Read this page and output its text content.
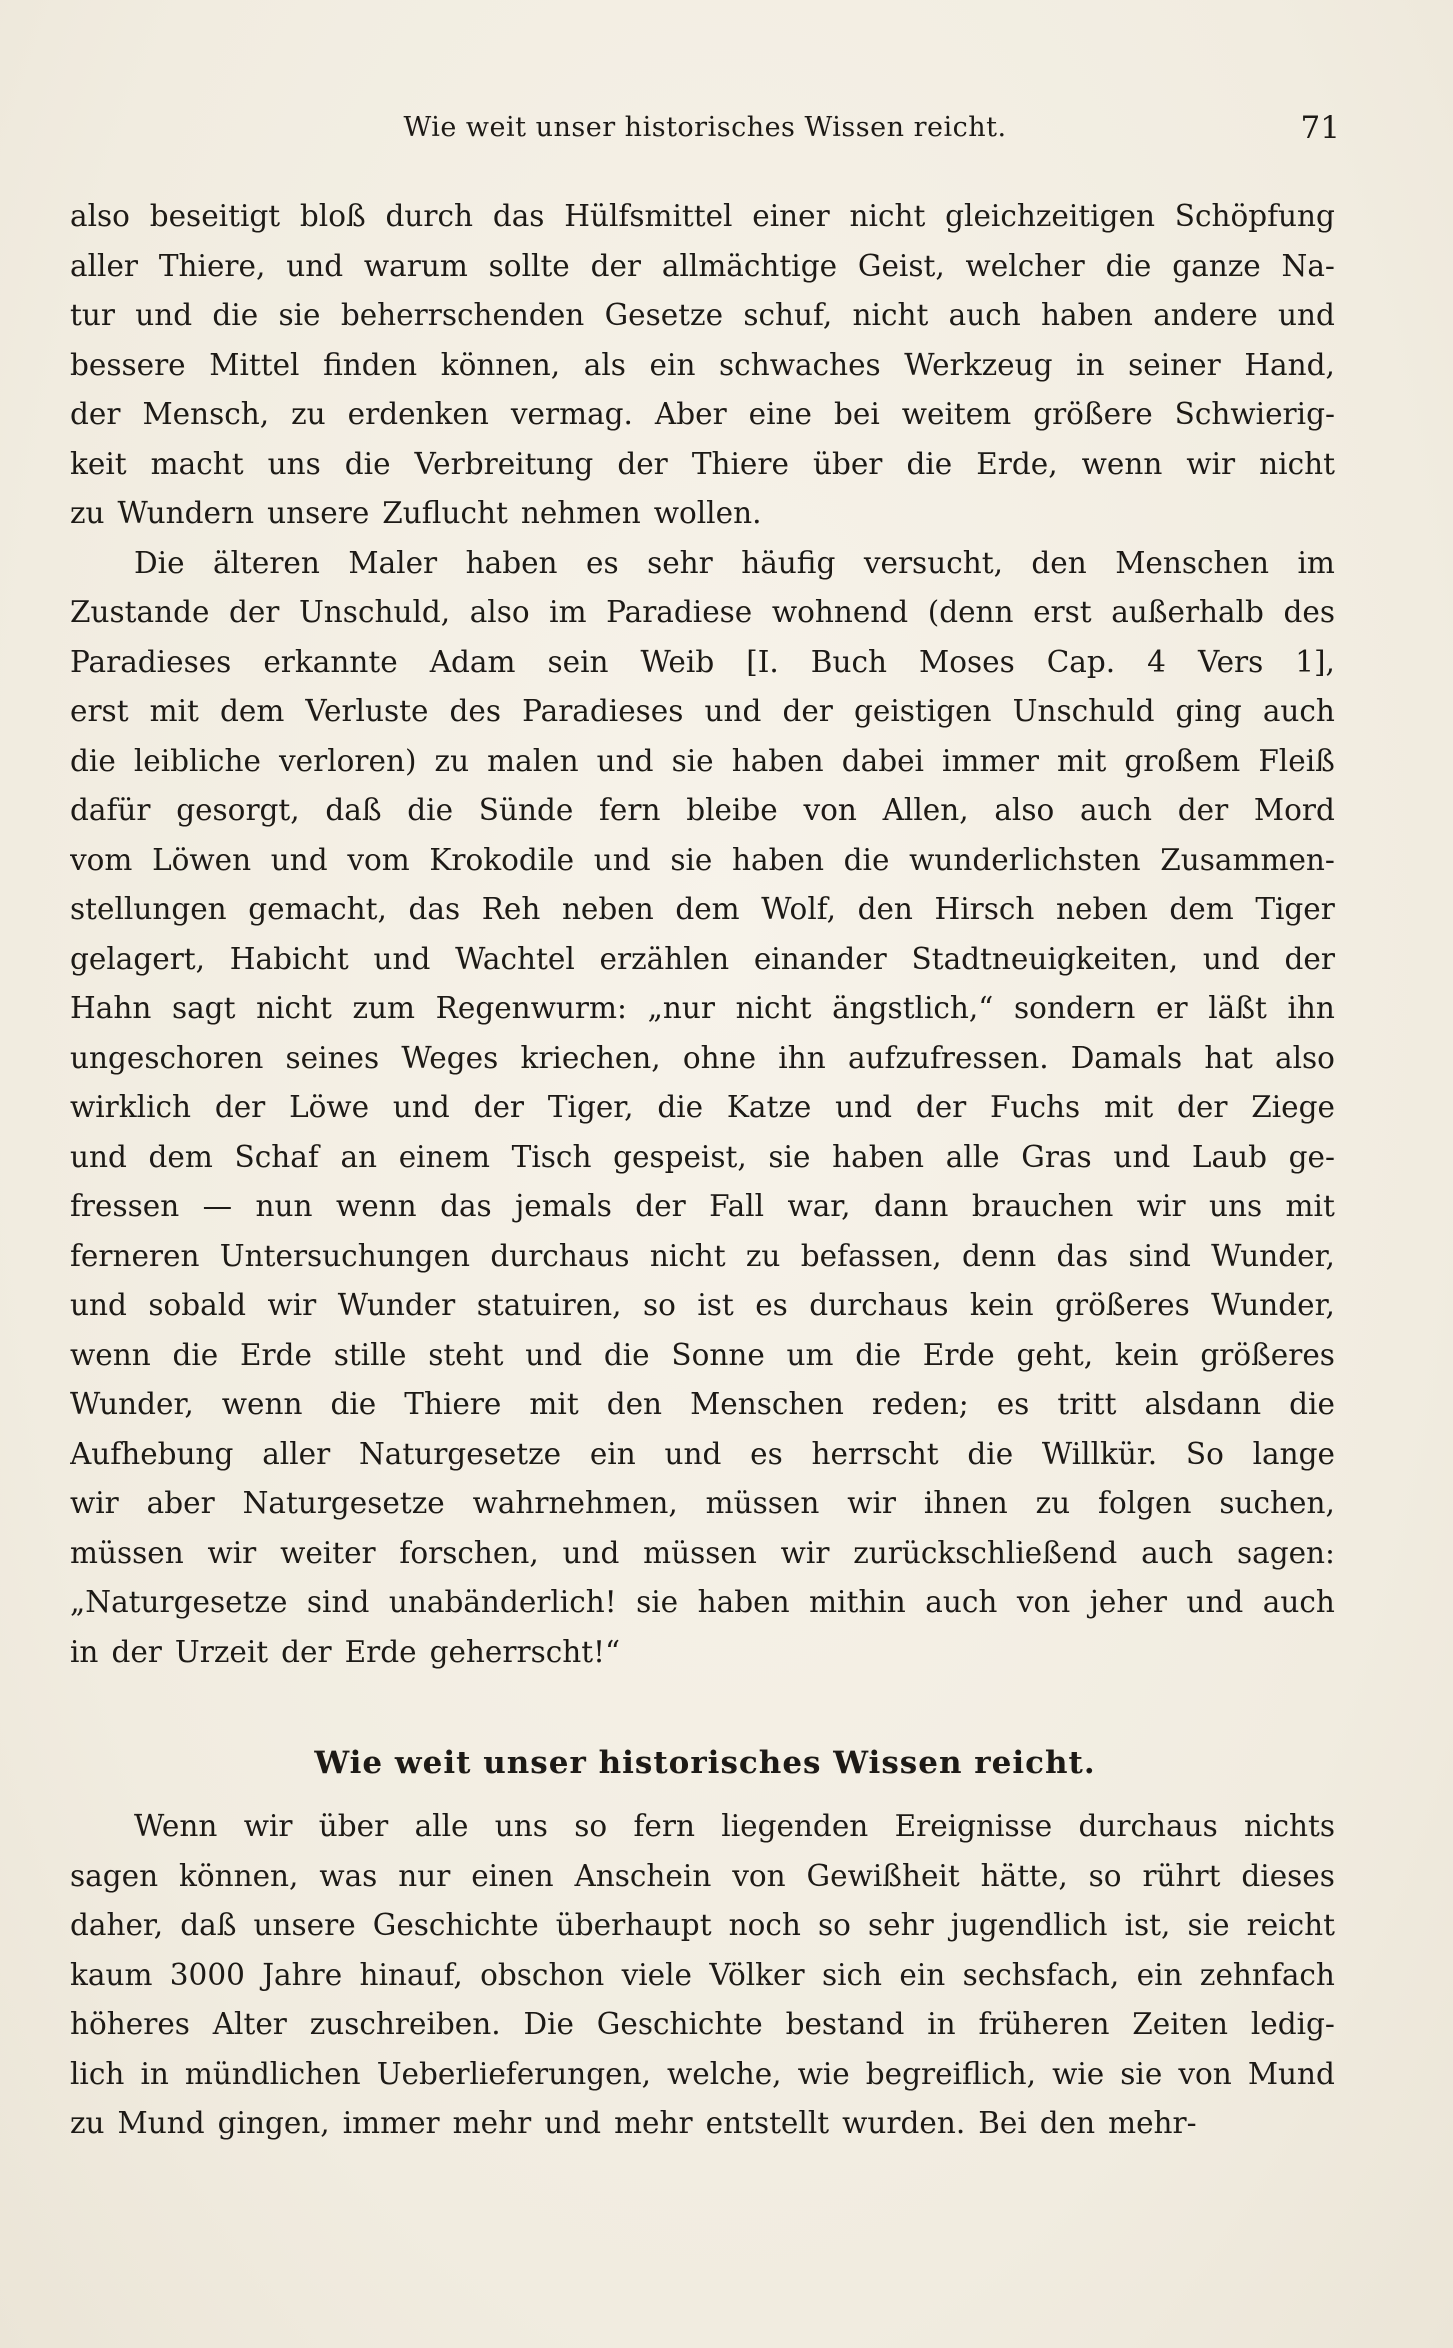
Wie weit unser historisches Wissen reicht.	71
also beseitigt bloß durch das Hülfsmittel einer nicht gleichzeitigen Schöpfung
aller Thiere, und warum sollte der allmächtige Geist, welcher die ganze Na-
tur und die sie beherrschenden Gesetze schuf, nicht auch haben andere und
bessere Mittel finden können, als ein schwaches Werkzeug in seiner Hand,
der Mensch, zu erdenken vermag. Aber eine bei weitem größere Schwierig-
keit macht uns die Verbreitung der Thiere über die Erde, wenn wir nicht
zu Wundern unsere Zuflucht nehmen wollen.
Die älteren Maler haben es sehr häufig versucht, den Menschen im
Zustande der Unschuld, also im Paradiese wohnend (denn erst außerhalb des
Paradieses erkannte Adam sein Weib [I. Buch Moses Cap. 4 Vers 1],
erst mit dem Verluste des Paradieses und der geistigen Unschuld ging auch
die leibliche verloren) zu malen und sie haben dabei immer mit großem Fleiß
dafür gesorgt, daß die Sünde fern bleibe von Allen, also auch der Mord
vom Löwen und vom Krokodile und sie haben die wunderlichsten Zusammen-
stellungen gemacht, das Reh neben dem Wolf, den Hirsch neben dem Tiger
gelagert, Habicht und Wachtel erzählen einander Stadtneuigkeiten, und der
Hahn sagt nicht zum Regenwurm: „nur nicht ängstlich,“ sondern er läßt ihn
ungeschoren seines Weges kriechen, ohne ihn aufzufressen. Damals hat also
wirklich der Löwe und der Tiger, die Katze und der Fuchs mit der Ziege
und dem Schaf an einem Tisch gespeist, sie haben alle Gras und Laub ge-
fressen — nun wenn das jemals der Fall war, dann brauchen wir uns mit
ferneren Untersuchungen durchaus nicht zu befassen, denn das sind Wunder,
und sobald wir Wunder statuiren, so ist es durchaus kein größeres Wunder,
wenn die Erde stille steht und die Sonne um die Erde geht, kein größeres
Wunder, wenn die Thiere mit den Menschen reden; es tritt alsdann die
Aufhebung aller Naturgesetze ein und es herrscht die Willkür. So lange
wir aber Naturgesetze wahrnehmen, müssen wir ihnen zu folgen suchen,
müssen wir weiter forschen, und müssen wir zurückschließend auch sagen:
„Naturgesetze sind unabänderlich! sie haben mithin auch von jeher und auch
in der Urzeit der Erde geherrscht!“
Wie weit unser historisches Wissen reicht.
Wenn wir über alle uns so fern liegenden Ereignisse durchaus nichts
sagen können, was nur einen Anschein von Gewißheit hätte, so rührt dieses
daher, daß unsere Geschichte überhaupt noch so sehr jugendlich ist, sie reicht
kaum 3000 Jahre hinauf, obschon viele Völker sich ein sechsfach, ein zehnfach
höheres Alter zuschreiben. Die Geschichte bestand in früheren Zeiten ledig-
lich in mündlichen Ueberlieferungen, welche, wie begreiflich, wie sie von Mund
zu Mund gingen, immer mehr und mehr entstellt wurden. Bei den mehr-
